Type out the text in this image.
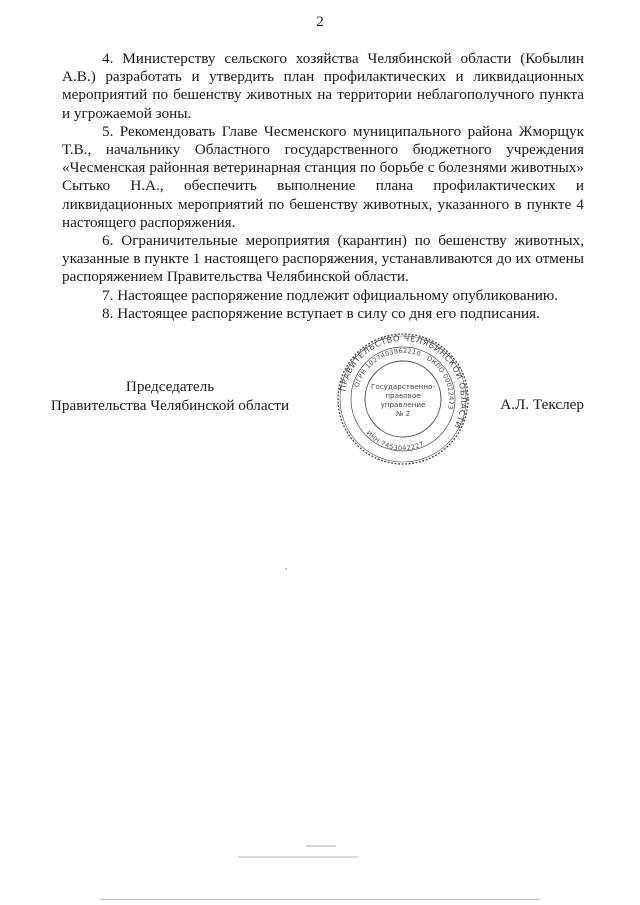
2

4. Министерству сельского хозяйства Челябинской области (Кобылин А.В.) разработать и утвердить план профилактических и ликвидационных мероприятий по бешенству животных на территории неблагополучного пункта и угрожаемой зоны.

5. Рекомендовать Главе Чесменского муниципального района Жморщук Т.В., начальнику Областного государственного бюджетного учреждения «Чесменская районная ветеринарная станция по борьбе с болезнями животных» Сытько Н.А., обеспечить выполнение плана профилактических и ликвидационных мероприятий по бешенству животных, указанного в пункте 4 настоящего распоряжения.

6. Ограничительные мероприятия (карантин) по бешенству животных, указанные в пункте 1 настоящего распоряжения, устанавливаются до их отмены распоряжением Правительства Челябинской области.

7. Настоящее распоряжение подлежит официальному опубликованию.

8. Настоящее распоряжение вступает в силу со дня его подписания.

Председатель
Правительства Челябинской области
ПРАВИТЕЛЬСТВО ЧЕЛЯБИНСКОЙ ОБЛАСТИ
ОГРН 1027403862210 · ОКПО 00022473
ИНН 7453042227
Государственно-
правовое
управление
№ 2
А.Л. Текслер
